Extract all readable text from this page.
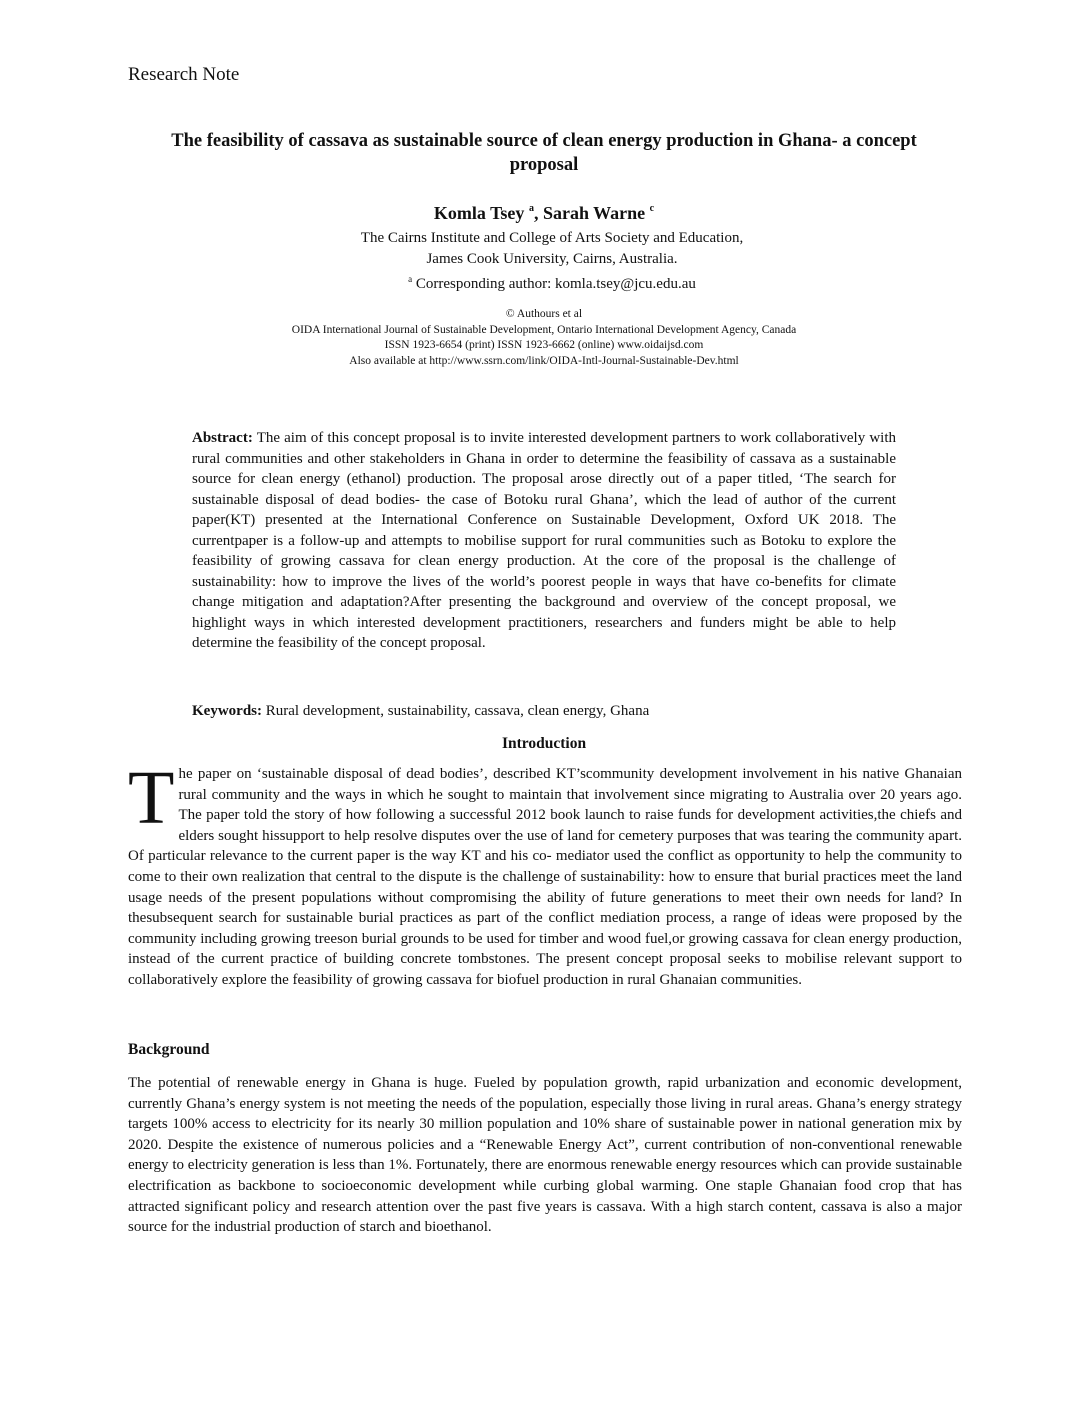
Research Note
The feasibility of cassava as sustainable source of clean energy production in Ghana- a concept proposal
Komla Tsey $^a$, Sarah Warne $^c$
The Cairns Institute and College of Arts Society and Education,
James Cook University, Cairns, Australia.
$^a$ Corresponding author: komla.tsey@jcu.edu.au
© Authours et al
OIDA International Journal of Sustainable Development, Ontario International Development Agency, Canada
ISSN 1923-6654 (print) ISSN 1923-6662 (online) www.oidaijsd.com
Also available at http://www.ssrn.com/link/OIDA-Intl-Journal-Sustainable-Dev.html
Abstract: The aim of this concept proposal is to invite interested development partners to work collaboratively with rural communities and other stakeholders in Ghana in order to determine the feasibility of cassava as a sustainable source for clean energy (ethanol) production. The proposal arose directly out of a paper titled, ‘The search for sustainable disposal of dead bodies- the case of Botoku rural Ghana’, which the lead of author of the current paper(KT) presented at the International Conference on Sustainable Development, Oxford UK 2018. The currentpaper is a follow-up and attempts to mobilise support for rural communities such as Botoku to explore the feasibility of growing cassava for clean energy production. At the core of the proposal is the challenge of sustainability: how to improve the lives of the world’s poorest people in ways that have co-benefits for climate change mitigation and adaptation?After presenting the background and overview of the concept proposal, we highlight ways in which interested development practitioners, researchers and funders might be able to help determine the feasibility of the concept proposal.
Keywords: Rural development, sustainability, cassava, clean energy, Ghana
Introduction
The paper on ‘sustainable disposal of dead bodies’, described KT’scommunity development involvement in his native Ghanaian rural community and the ways in which he sought to maintain that involvement since migrating to Australia over 20 years ago. The paper told the story of how following a successful 2012 book launch to raise funds for development activities,the chiefs and elders sought hissupport to help resolve disputes over the use of land for cemetery purposes that was tearing the community apart. Of particular relevance to the current paper is the way KT and his co- mediator used the conflict as opportunity to help the community to come to their own realization that central to the dispute is the challenge of sustainability: how to ensure that burial practices meet the land usage needs of the present populations without compromising the ability of future generations to meet their own needs for land? In thesubsequent search for sustainable burial practices as part of the conflict mediation process, a range of ideas were proposed by the community including growing treeson burial grounds to be used for timber and wood fuel,or growing cassava for clean energy production, instead of the current practice of building concrete tombstones. The present concept proposal seeks to mobilise relevant support to collaboratively explore the feasibility of growing cassava for biofuel production in rural Ghanaian communities.
Background
The potential of renewable energy in Ghana is huge. Fueled by population growth, rapid urbanization and economic development, currently Ghana’s energy system is not meeting the needs of the population, especially those living in rural areas. Ghana’s energy strategy targets 100% access to electricity for its nearly 30 million population and 10% share of sustainable power in national generation mix by 2020. Despite the existence of numerous policies and a “Renewable Energy Act”, current contribution of non-conventional renewable energy to electricity generation is less than 1%. Fortunately, there are enormous renewable energy resources which can provide sustainable electrification as backbone to socioeconomic development while curbing global warming. One staple Ghanaian food crop that has attracted significant policy and research attention over the past five years is cassava. With a high starch content, cassava is also a major source for the industrial production of starch and bioethanol.
